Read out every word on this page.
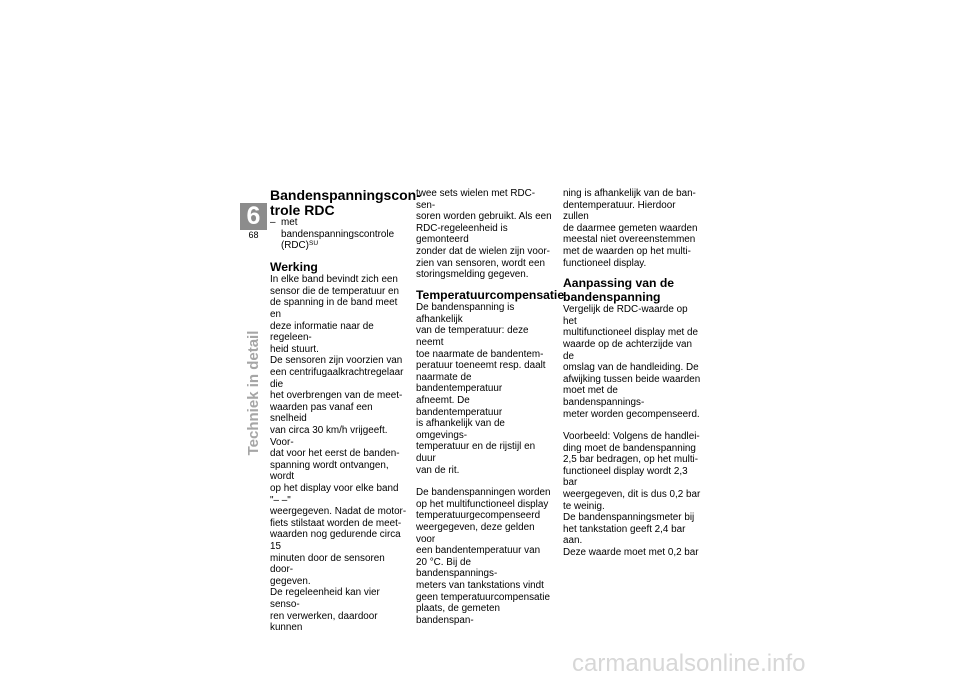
6
68
Techniek in detail
Bandenspanningscon-
trole RDC
– met bandenspanningscontrole
(RDC)$^{SU}$
Werking
In elke band bevindt zich een
sensor die de temperatuur en
de spanning in de band meet en
deze informatie naar de regeleen-
heid stuurt.
De sensoren zijn voorzien van
een centrifugaalkrachtregelaar die
het overbrengen van de meet-
waarden pas vanaf een snelheid
van circa 30 km/h vrijgeeft. Voor-
dat voor het eerst de banden-
spanning wordt ontvangen, wordt
op het display voor elke band "– –"
weergegeven. Nadat de motor-
fiets stilstaat worden de meet-
waarden nog gedurende circa 15
minuten door de sensoren door-
gegeven.
De regeleenheid kan vier senso-
ren verwerken, daardoor kunnen
twee sets wielen met RDC-sen-
soren worden gebruikt. Als een
RDC-regeleenheid is gemonteerd
zonder dat de wielen zijn voor-
zien van sensoren, wordt een
storingsmelding gegeven.
Temperatuurcompensatie
De bandenspanning is afhankelijk
van de temperatuur: deze neemt
toe naarmate de bandentem-
peratuur toeneemt resp. daalt
naarmate de bandentemperatuur
afneemt. De bandentemperatuur
is afhankelijk van de omgevings-
temperatuur en de rijstijl en duur
van de rit.
De bandenspanningen worden
op het multifunctioneel display
temperatuurgecompenseerd
weergegeven, deze gelden voor
een bandentemperatuur van
20 °C. Bij de bandenspannings-
meters van tankstations vindt
geen temperatuurcompensatie
plaats, de gemeten bandenspan-
ning is afhankelijk van de ban-
dentemperatuur. Hierdoor zullen
de daarmee gemeten waarden
meestal niet overeenstemmen
met de waarden op het multi-
functioneel display.
Aanpassing van de
bandenspanning
Vergelijk de RDC-waarde op het
multifunctioneel display met de
waarde op de achterzijde van de
omslag van de handleiding. De
afwijking tussen beide waarden
moet met de bandenspannings-
meter worden gecompenseerd.
Voorbeeld: Volgens de handlei-
ding moet de bandenspanning
2,5 bar bedragen, op het multi-
functioneel display wordt 2,3 bar
weergegeven, dit is dus 0,2 bar
te weinig.
De bandenspanningsmeter bij
het tankstation geeft 2,4 bar aan.
Deze waarde moet met 0,2 bar
carmanualsonline.info
